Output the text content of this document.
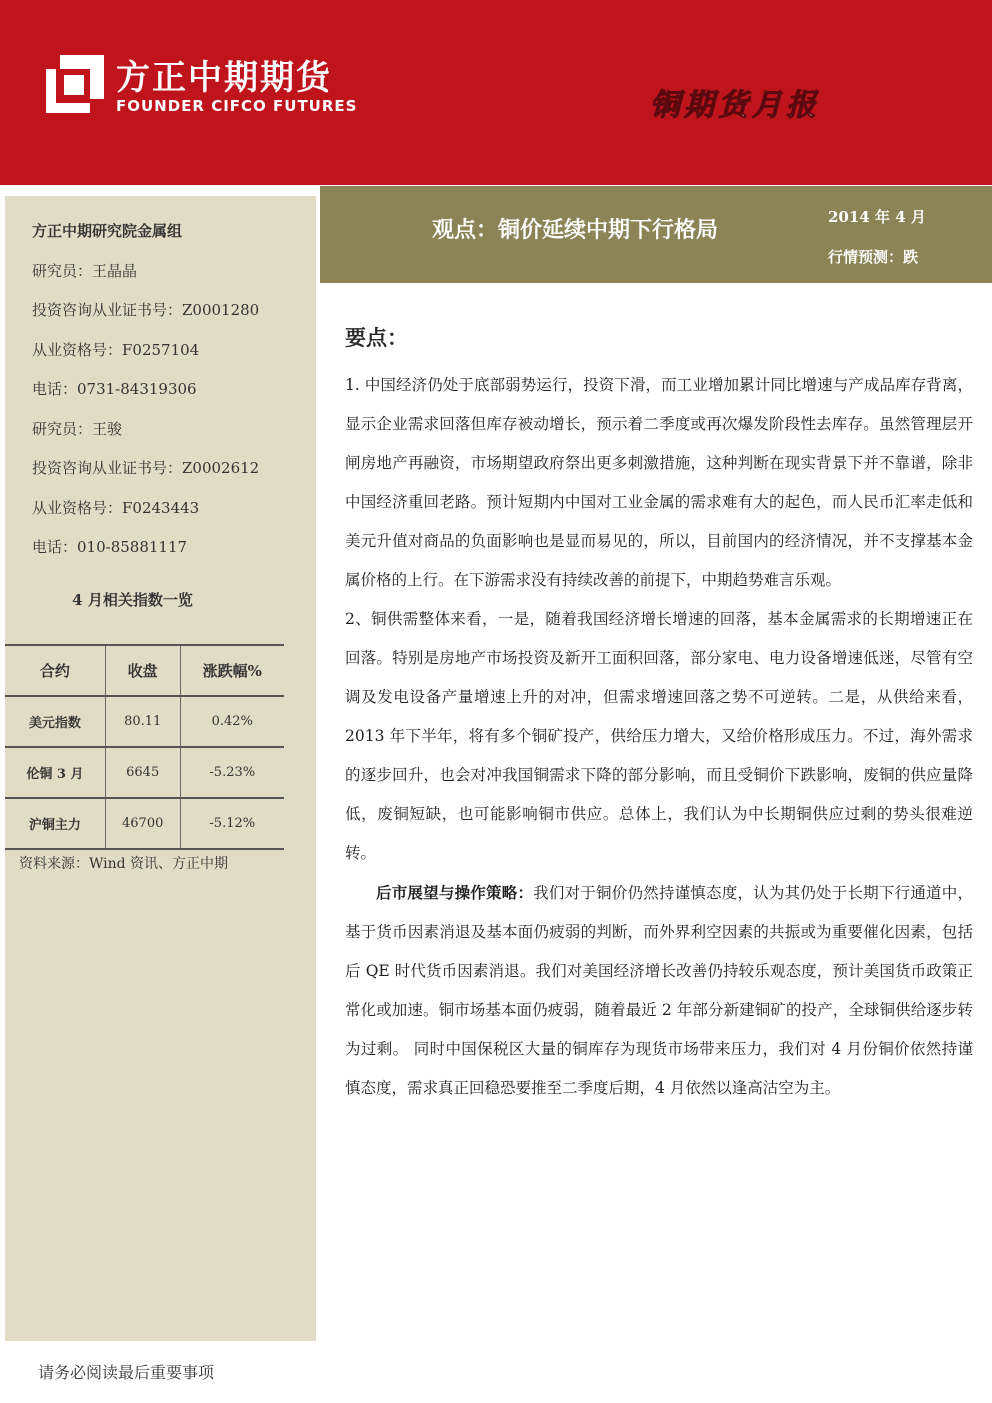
方正中期期货
FOUNDER CIFCO FUTURES	铜期货月报
方正中期研究院金属组
研究员：王晶晶
投资咨询从业证书号：Z0001280
从业资格号：F0257104
电话：0731-84319306
研究员：王骏
投资咨询从业证书号：Z0002612
从业资格号：F0243443
电话：010-85881117
4 月相关指数一览
合约	收盘	涨跌幅%
美元指数	80.11	0.42%
伦铜 3 月	6645	-5.23%
沪铜主力	46700	-5.12%
资料来源：Wind 资讯、方正中期
观点：铜价延续中期下行格局	2014 年 4 月
行情预测：跌
要点：

1. 中国经济仍处于底部弱势运行，投资下滑，而工业增加累计同比增速与产成品库存背离，显示企业需求回落但库存被动增长，预示着二季度或再次爆发阶段性去库存。虽然管理层开闸房地产再融资，市场期望政府祭出更多刺激措施，这种判断在现实背景下并不靠谱，除非中国经济重回老路。预计短期内中国对工业金属的需求难有大的起色，而人民币汇率走低和美元升值对商品的负面影响也是显而易见的，所以，目前国内的经济情况，并不支撑基本金属价格的上行。在下游需求没有持续改善的前提下，中期趋势难言乐观。

2、铜供需整体来看，一是，随着我国经济增长增速的回落，基本金属需求的长期增速正在回落。特别是房地产市场投资及新开工面积回落，部分家电、电力设备增速低迷，尽管有空调及发电设备产量增速上升的对冲，但需求增速回落之势不可逆转。二是，从供给来看，2013 年下半年，将有多个铜矿投产，供给压力增大，又给价格形成压力。不过，海外需求的逐步回升，也会对冲我国铜需求下降的部分影响，而且受铜价下跌影响，废铜的供应量降低，废铜短缺，也可能影响铜市供应。总体上，我们认为中长期铜供应过剩的势头很难逆转。

后市展望与操作策略：我们对于铜价仍然持谨慎态度，认为其仍处于长期下行通道中，基于货币因素消退及基本面仍疲弱的判断，而外界利空因素的共振或为重要催化因素，包括后 QE 时代货币因素消退。我们对美国经济增长改善仍持较乐观态度，预计美国货币政策正常化或加速。铜市场基本面仍疲弱，随着最近 2 年部分新建铜矿的投产，全球铜供给逐步转为过剩。 同时中国保税区大量的铜库存为现货市场带来压力，我们对 4 月份铜价依然持谨慎态度，需求真正回稳恐要推至二季度后期，4 月依然以逢高沽空为主。

请务必阅读最后重要事项
